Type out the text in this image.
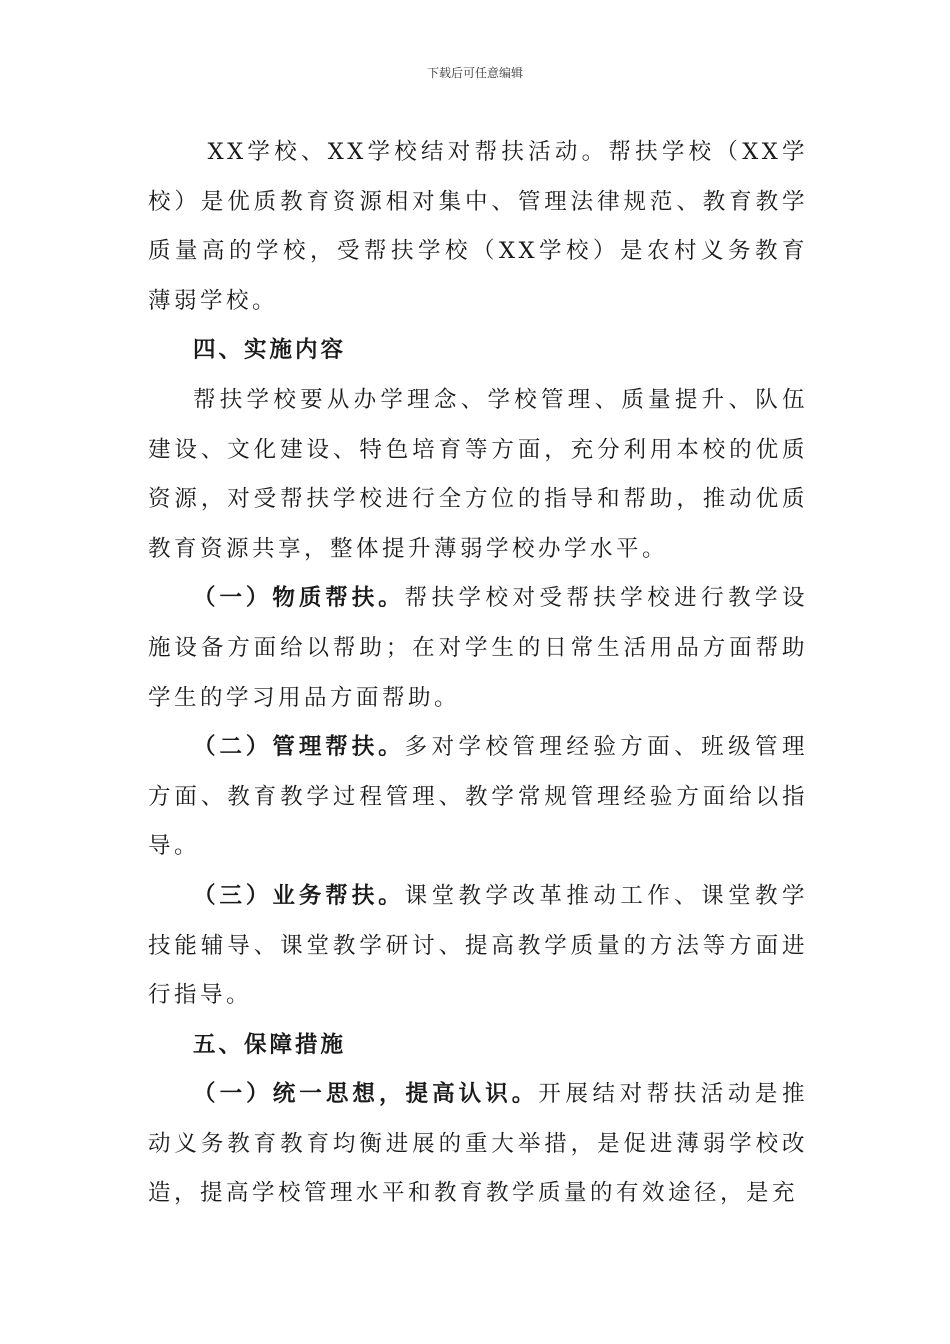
下载后可任意编辑

XX学校、XX学校结对帮扶活动。帮扶学校（XX学校）是优质教育资源相对集中、管理法律规范、教育教学质量高的学校，受帮扶学校（XX学校）是农村义务教育薄弱学校。

四、实施内容

帮扶学校要从办学理念、学校管理、质量提升、队伍建设、文化建设、特色培育等方面，充分利用本校的优质资源，对受帮扶学校进行全方位的指导和帮助，推动优质教育资源共享，整体提升薄弱学校办学水平。

（一）物质帮扶。帮扶学校对受帮扶学校进行教学设施设备方面给以帮助；在对学生的日常生活用品方面帮助学生的学习用品方面帮助。

（二）管理帮扶。多对学校管理经验方面、班级管理方面、教育教学过程管理、教学常规管理经验方面给以指导。

（三）业务帮扶。课堂教学改革推动工作、课堂教学技能辅导、课堂教学研讨、提高教学质量的方法等方面进行指导。

五、保障措施

（一）统一思想，提高认识。开展结对帮扶活动是推动义务教育教育均衡进展的重大举措，是促进薄弱学校改造，提高学校管理水平和教育教学质量的有效途径，是充
